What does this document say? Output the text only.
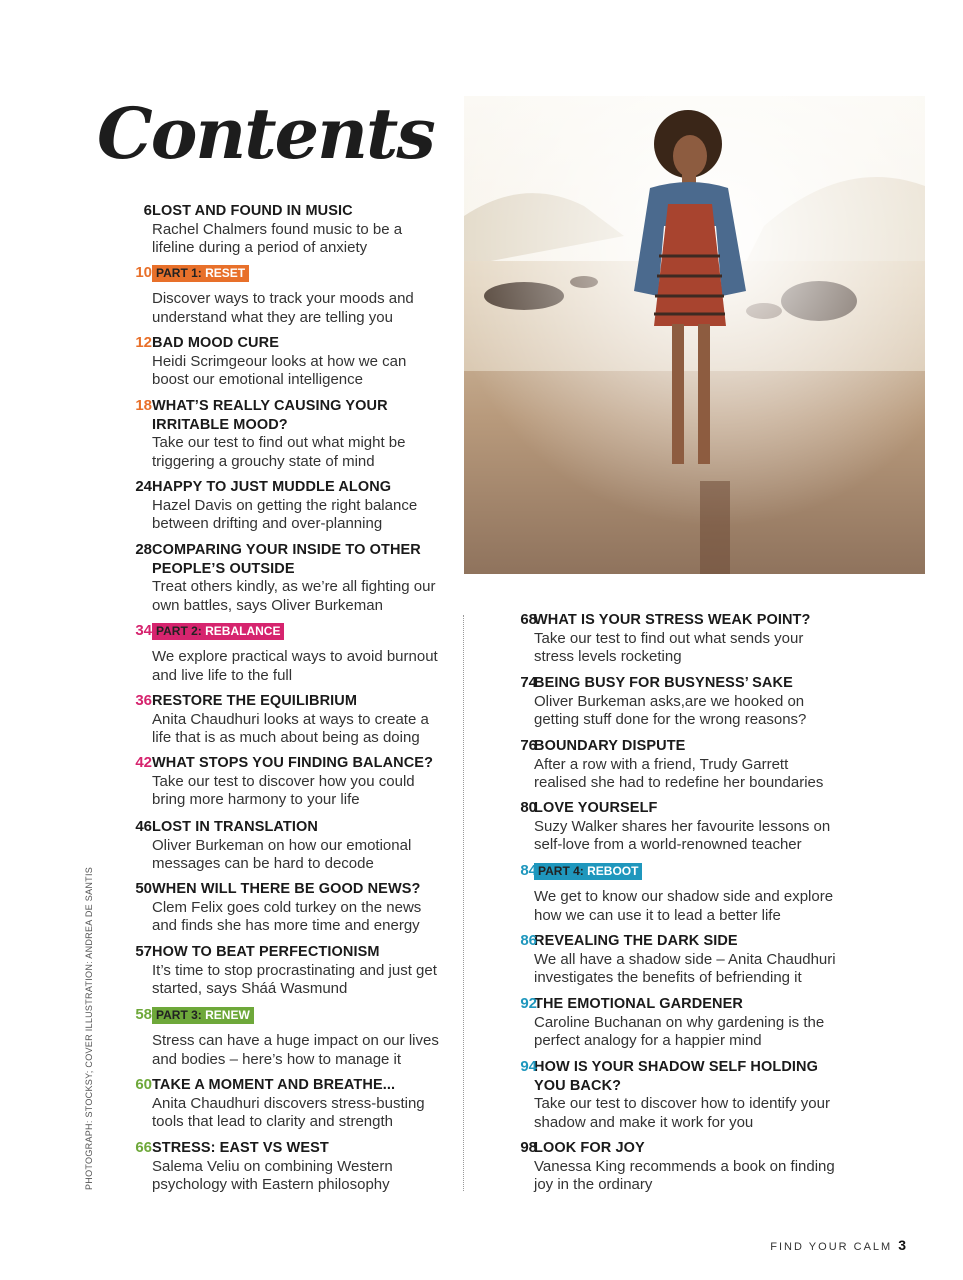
Contents
6 LOST AND FOUND IN MUSIC
Rachel Chalmers found music to be a lifeline during a period of anxiety
10 PART 1: RESET
Discover ways to track your moods and understand what they are telling you
12 BAD MOOD CURE
Heidi Scrimgeour looks at how we can boost our emotional intelligence
18 WHAT’S REALLY CAUSING YOUR IRRITABLE MOOD?
Take our test to find out what might be triggering a grouchy state of mind
24 HAPPY TO JUST MUDDLE ALONG
Hazel Davis on getting the right balance between drifting and over-planning
28 COMPARING YOUR INSIDE TO OTHER PEOPLE’S OUTSIDE
Treat others kindly, as we’re all fighting our own battles, says Oliver Burkeman
34 PART 2: REBALANCE
We explore practical ways to avoid burnout and live life to the full
36 RESTORE THE EQUILIBRIUM
Anita Chaudhuri looks at ways to create a life that is as much about being as doing
42 WHAT STOPS YOU FINDING BALANCE?
Take our test to discover how you could bring more harmony to your life
46 LOST IN TRANSLATION
Oliver Burkeman on how our emotional messages can be hard to decode
50 WHEN WILL THERE BE GOOD NEWS?
Clem Felix goes cold turkey on the news and finds she has more time and energy
57 HOW TO BEAT PERFECTIONISM
It’s time to stop procrastinating and just get started, says Sháá Wasmund
58 PART 3: RENEW
Stress can have a huge impact on our lives and bodies – here’s how to manage it
60 TAKE A MOMENT AND BREATHE...
Anita Chaudhuri discovers stress-busting tools that lead to clarity and strength
66 STRESS: EAST VS WEST
Salema Veliu on combining Western psychology with Eastern philosophy
68
WHAT IS YOUR STRESS WEAK POINT?
Take our test to find out what sends your stress levels rocketing
74
BEING BUSY FOR BUSYNESS’ SAKE
Oliver Burkeman asks,are we hooked on getting stuff done for the wrong reasons?
76
BOUNDARY DISPUTE
After a row with a friend, Trudy Garrett realised she had to redefine her boundaries
80
LOVE YOURSELF
Suzy Walker shares her favourite lessons on self-love from a world-renowned teacher
84 PART 4: REBOOT
We get to know our shadow side and explore how we can use it to lead a better life
86
REVEALING THE DARK SIDE
We all have a shadow side – Anita Chaudhuri investigates the benefits of befriending it
92
THE EMOTIONAL GARDENER
Caroline Buchanan on why gardening is the perfect analogy for a happier mind
94
HOW IS YOUR SHADOW SELF HOLDING YOU BACK?
Take our test to discover how to identify your shadow and make it work for you
98
LOOK FOR JOY
Vanessa King recommends a book on finding joy in the ordinary
PHOTOGRAPH: STOCKSY; COVER ILLUSTRATION: ANDREA DE SANTIS
FIND YOUR CALM 3
